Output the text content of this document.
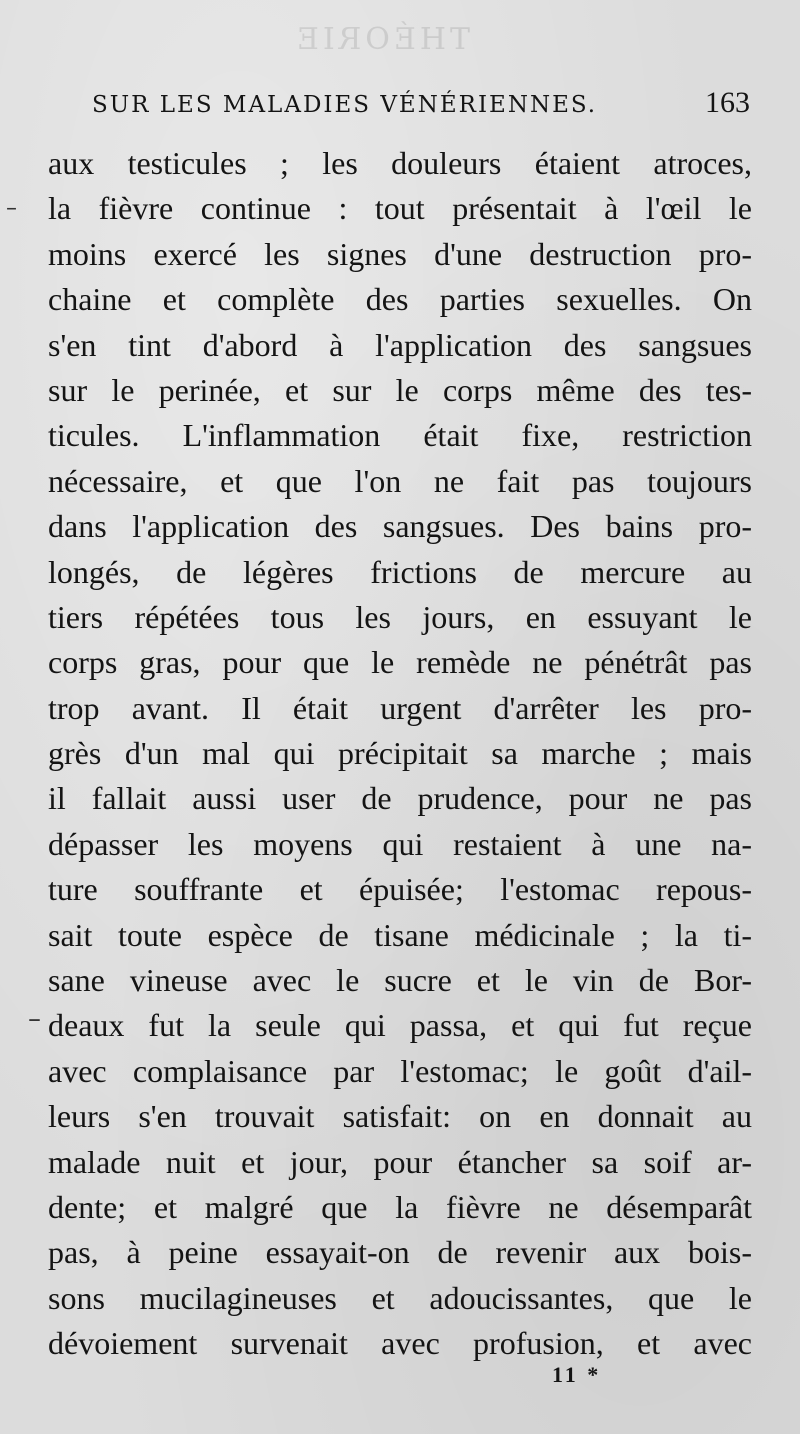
THÉORIE
SUR LES MALADIES VÉNÉRIENNES.	163
aux testicules ; les douleurs étaient atroces,
la fièvre continue : tout présentait à l'œil le
moins exercé les signes d'une destruction pro-
chaine et complète des parties sexuelles. On
s'en tint d'abord à l'application des sangsues
sur le perinée, et sur le corps même des tes-
ticules. L'inflammation était fixe, restriction
nécessaire, et que l'on ne fait pas toujours
dans l'application des sangsues. Des bains pro-
longés, de légères frictions de mercure au
tiers répétées tous les jours, en essuyant le
corps gras, pour que le remède ne pénétrât pas
trop avant. Il était urgent d'arrêter les pro-
grès d'un mal qui précipitait sa marche ; mais
il fallait aussi user de prudence, pour ne pas
dépasser les moyens qui restaient à une na-
ture souffrante et épuisée; l'estomac repous-
sait toute espèce de tisane médicinale ; la ti-
sane vineuse avec le sucre et le vin de Bor-
deaux fut la seule qui passa, et qui fut reçue
avec complaisance par l'estomac; le goût d'ail-
leurs s'en trouvait satisfait: on en donnait au
malade nuit et jour, pour étancher sa soif ar-
dente; et malgré que la fièvre ne désemparât
pas, à peine essayait-on de revenir aux bois-
sons mucilagineuses et adoucissantes, que le
dévoiement survenait avec profusion, et avec
11 *
–
–
